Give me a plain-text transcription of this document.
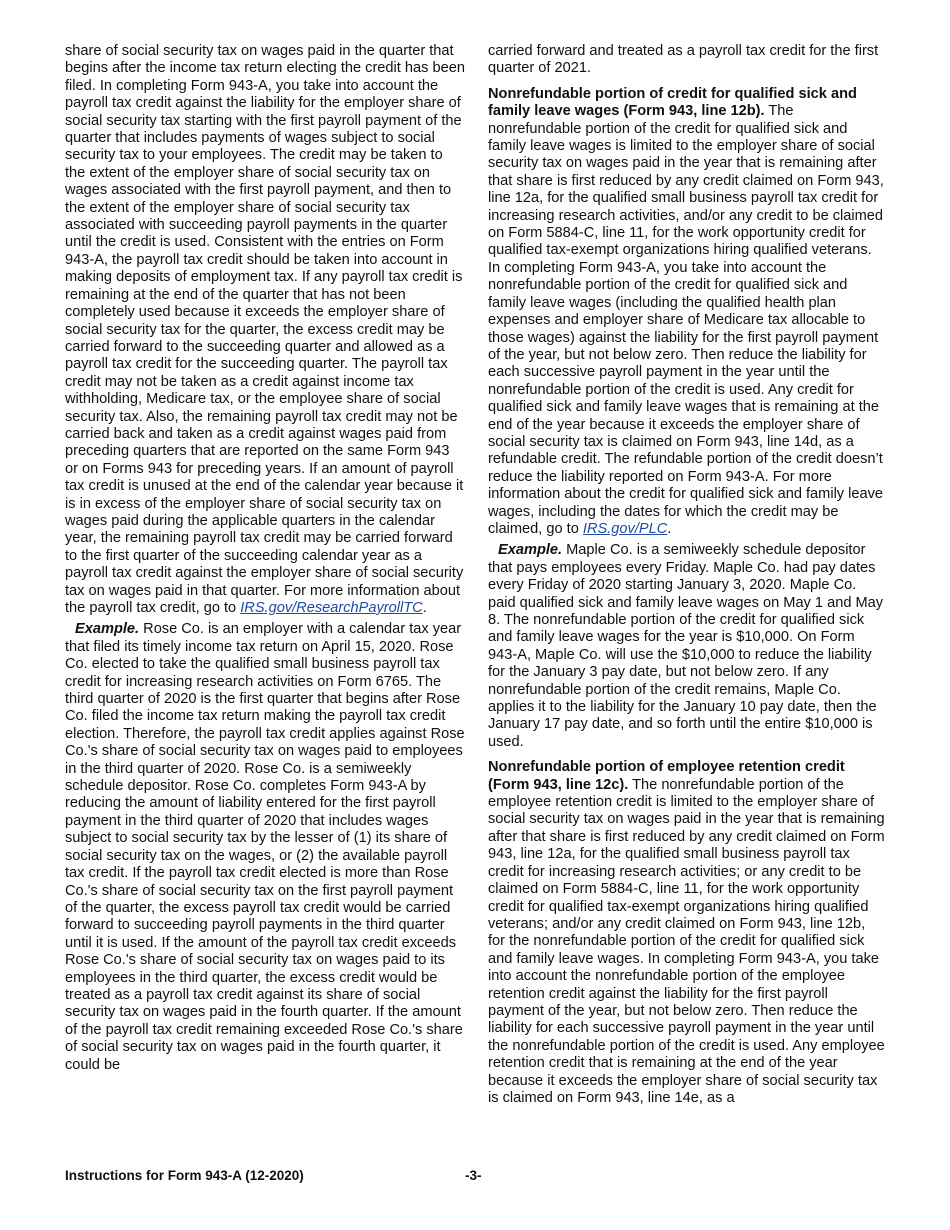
share of social security tax on wages paid in the quarter that begins after the income tax return electing the credit has been filed. In completing Form 943-A, you take into account the payroll tax credit against the liability for the employer share of social security tax starting with the first payroll payment of the quarter that includes payments of wages subject to social security tax to your employees. The credit may be taken to the extent of the employer share of social security tax on wages associated with the first payroll payment, and then to the extent of the employer share of social security tax associated with succeeding payroll payments in the quarter until the credit is used. Consistent with the entries on Form 943-A, the payroll tax credit should be taken into account in making deposits of employment tax. If any payroll tax credit is remaining at the end of the quarter that has not been completely used because it exceeds the employer share of social security tax for the quarter, the excess credit may be carried forward to the succeeding quarter and allowed as a payroll tax credit for the succeeding quarter. The payroll tax credit may not be taken as a credit against income tax withholding, Medicare tax, or the employee share of social security tax. Also, the remaining payroll tax credit may not be carried back and taken as a credit against wages paid from preceding quarters that are reported on the same Form 943 or on Forms 943 for preceding years. If an amount of payroll tax credit is unused at the end of the calendar year because it is in excess of the employer share of social security tax on wages paid during the applicable quarters in the calendar year, the remaining payroll tax credit may be carried forward to the first quarter of the succeeding calendar year as a payroll tax credit against the employer share of social security tax on wages paid in that quarter. For more information about the payroll tax credit, go to IRS.gov/ResearchPayrollTC.

Example. Rose Co. is an employer with a calendar tax year that filed its timely income tax return on April 15, 2020. Rose Co. elected to take the qualified small business payroll tax credit for increasing research activities on Form 6765. The third quarter of 2020 is the first quarter that begins after Rose Co. filed the income tax return making the payroll tax credit election. Therefore, the payroll tax credit applies against Rose Co.'s share of social security tax on wages paid to employees in the third quarter of 2020. Rose Co. is a semiweekly schedule depositor. Rose Co. completes Form 943-A by reducing the amount of liability entered for the first payroll payment in the third quarter of 2020 that includes wages subject to social security tax by the lesser of (1) its share of social security tax on the wages, or (2) the available payroll tax credit. If the payroll tax credit elected is more than Rose Co.'s share of social security tax on the first payroll payment of the quarter, the excess payroll tax credit would be carried forward to succeeding payroll payments in the third quarter until it is used. If the amount of the payroll tax credit exceeds Rose Co.'s share of social security tax on wages paid to its employees in the third quarter, the excess credit would be treated as a payroll tax credit against its share of social security tax on wages paid in the fourth quarter. If the amount of the payroll tax credit remaining exceeded Rose Co.'s share of social security tax on wages paid in the fourth quarter, it could be

carried forward and treated as a payroll tax credit for the first quarter of 2021.

Nonrefundable portion of credit for qualified sick and family leave wages (Form 943, line 12b). The nonrefundable portion of the credit for qualified sick and family leave wages is limited to the employer share of social security tax on wages paid in the year that is remaining after that share is first reduced by any credit claimed on Form 943, line 12a, for the qualified small business payroll tax credit for increasing research activities, and/or any credit to be claimed on Form 5884-C, line 11, for the work opportunity credit for qualified tax-exempt organizations hiring qualified veterans. In completing Form 943-A, you take into account the nonrefundable portion of the credit for qualified sick and family leave wages (including the qualified health plan expenses and employer share of Medicare tax allocable to those wages) against the liability for the first payroll payment of the year, but not below zero. Then reduce the liability for each successive payroll payment in the year until the nonrefundable portion of the credit is used. Any credit for qualified sick and family leave wages that is remaining at the end of the year because it exceeds the employer share of social security tax is claimed on Form 943, line 14d, as a refundable credit. The refundable portion of the credit doesn’t reduce the liability reported on Form 943-A. For more information about the credit for qualified sick and family leave wages, including the dates for which the credit may be claimed, go to IRS.gov/PLC.

Example. Maple Co. is a semiweekly schedule depositor that pays employees every Friday. Maple Co. had pay dates every Friday of 2020 starting January 3, 2020. Maple Co. paid qualified sick and family leave wages on May 1 and May 8. The nonrefundable portion of the credit for qualified sick and family leave wages for the year is $10,000. On Form 943-A, Maple Co. will use the $10,000 to reduce the liability for the January 3 pay date, but not below zero. If any nonrefundable portion of the credit remains, Maple Co. applies it to the liability for the January 10 pay date, then the January 17 pay date, and so forth until the entire $10,000 is used.

Nonrefundable portion of employee retention credit (Form 943, line 12c). The nonrefundable portion of the employee retention credit is limited to the employer share of social security tax on wages paid in the year that is remaining after that share is first reduced by any credit claimed on Form 943, line 12a, for the qualified small business payroll tax credit for increasing research activities; or any credit to be claimed on Form 5884-C, line 11, for the work opportunity credit for qualified tax-exempt organizations hiring qualified veterans; and/or any credit claimed on Form 943, line 12b, for the nonrefundable portion of the credit for qualified sick and family leave wages. In completing Form 943-A, you take into account the nonrefundable portion of the employee retention credit against the liability for the first payroll payment of the year, but not below zero. Then reduce the liability for each successive payroll payment in the year until the nonrefundable portion of the credit is used. Any employee retention credit that is remaining at the end of the year because it exceeds the employer share of social security tax is claimed on Form 943, line 14e, as a

Instructions for Form 943-A (12-2020)	-3-
